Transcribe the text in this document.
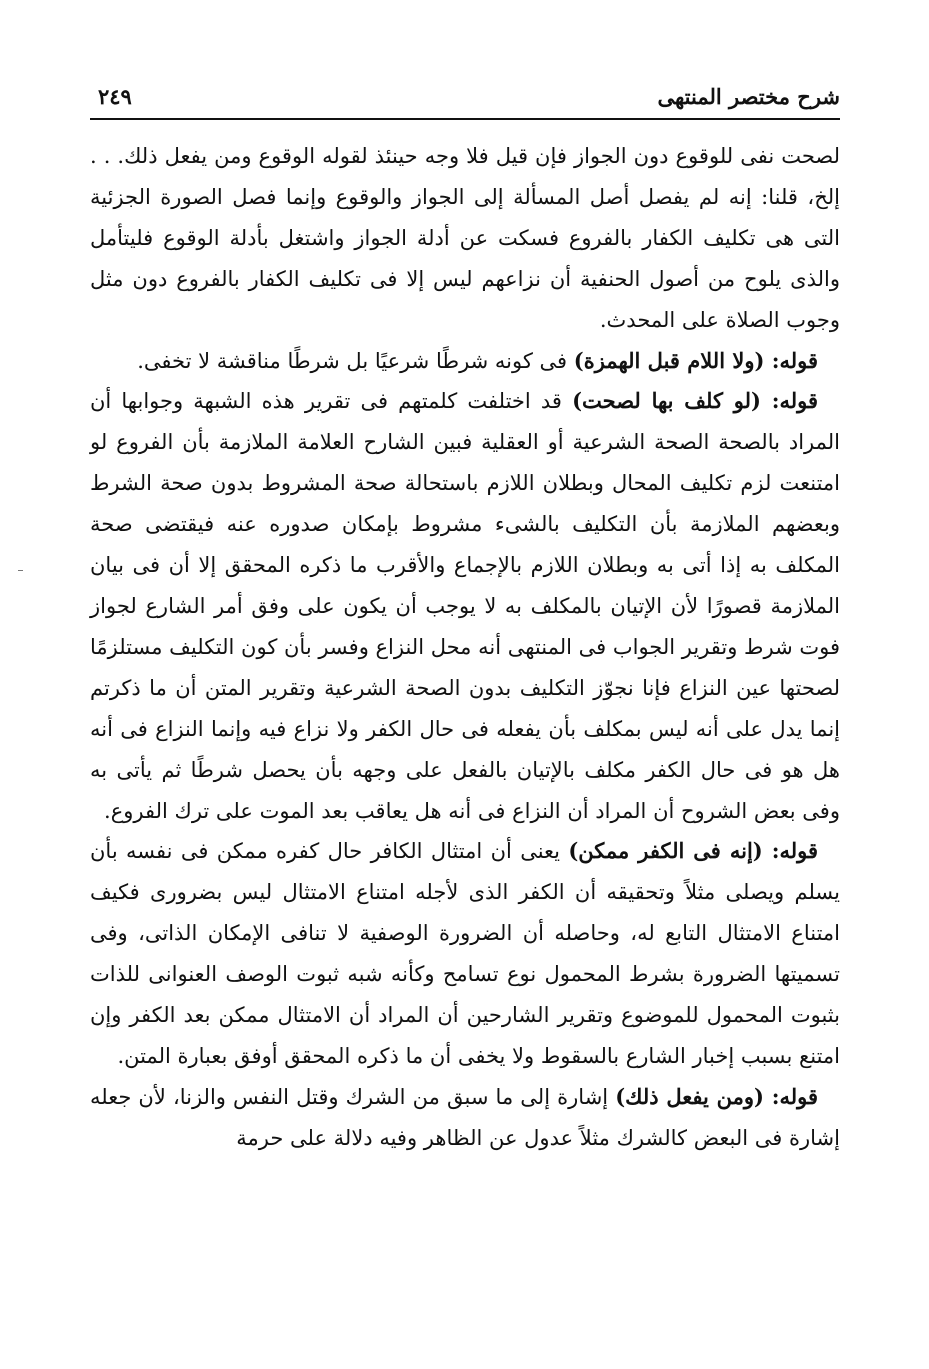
شرح مختصر المنتهى
٢٤٩

لصحت نفى للوقوع دون الجواز فإن قيل فلا وجه حينئذ لقوله الوقوع ومن يفعل ذلك. . . إلخ، قلنا: إنه لم يفصل أصل المسألة إلى الجواز والوقوع وإنما فصل الصورة الجزئية التى هى تكليف الكفار بالفروع فسكت عن أدلة الجواز واشتغل بأدلة الوقوع فليتأمل والذى يلوح من أصول الحنفية أن نزاعهم ليس إلا فى تكليف الكفار بالفروع دون مثل وجوب الصلاة على المحدث.

قوله: (ولا اللام قبل الهمزة) فى كونه شرطًا شرعيًا بل شرطًا مناقشة لا تخفى.

قوله: (لو كلف بها لصحت) قد اختلفت كلمتهم فى تقرير هذه الشبهة وجوابها أن المراد بالصحة الصحة الشرعية أو العقلية فبين الشارح العلامة الملازمة بأن الفروع لو امتنعت لزم تكليف المحال وبطلان اللازم باستحالة صحة المشروط بدون صحة الشرط وبعضهم الملازمة بأن التكليف بالشىء مشروط بإمكان صدوره عنه فيقتضى صحة المكلف به إذا أتى به وبطلان اللازم بالإجماع والأقرب ما ذكره المحقق إلا أن فى بيان الملازمة قصورًا لأن الإتيان بالمكلف به لا يوجب أن يكون على وفق أمر الشارع لجواز فوت شرط وتقرير الجواب فى المنتهى أنه محل النزاع وفسر بأن كون التكليف مستلزمًا لصحتها عين النزاع فإنا نجوّز التكليف بدون الصحة الشرعية وتقرير المتن أن ما ذكرتم إنما يدل على أنه ليس بمكلف بأن يفعله فى حال الكفر ولا نزاع فيه وإنما النزاع فى أنه هل هو فى حال الكفر مكلف بالإتيان بالفعل على وجهه بأن يحصل شرطًا ثم يأتى به وفى بعض الشروح أن المراد أن النزاع فى أنه هل يعاقب بعد الموت على ترك الفروع.

قوله: (إنه فى الكفر ممكن) يعنى أن امتثال الكافر حال كفره ممكن فى نفسه بأن يسلم ويصلى مثلاً وتحقيقه أن الكفر الذى لأجله امتناع الامتثال ليس بضرورى فكيف امتناع الامتثال التابع له، وحاصله أن الضرورة الوصفية لا تنافى الإمكان الذاتى، وفى تسميتها الضرورة بشرط المحمول نوع تسامح وكأنه شبه ثبوت الوصف العنوانى للذات بثبوت المحمول للموضوع وتقرير الشارحين أن المراد أن الامتثال ممكن بعد الكفر وإن امتنع بسبب إخبار الشارع بالسقوط ولا يخفى أن ما ذكره المحقق أوفق بعبارة المتن.

قوله: (ومن يفعل ذلك) إشارة إلى ما سبق من الشرك وقتل النفس والزنا، لأن جعله إشارة فى البعض كالشرك مثلاً عدول عن الظاهر وفيه دلالة على حرمة
